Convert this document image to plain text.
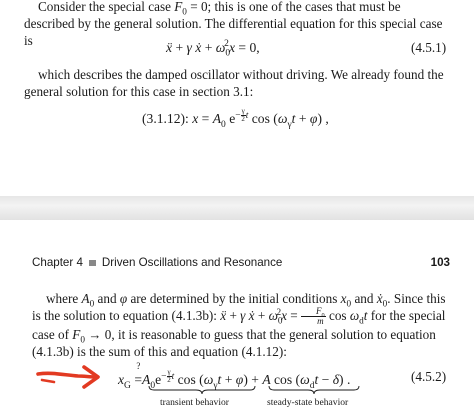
Consider the special case $F_0 = 0$; this is one of the cases that must be described by the general solution. The differential equation for this special case is	ẍ + γ ẋ + $\omega_0^2x = 0$,	(4.5.1)
which describes the damped oscillator without driving. We already found the general solution for this case in section 3.1:
(3.1.12): $x = A_0$ $e^{- \frac{\gamma}{2} t}$ $\cos (\omega_\gamma t + \varphi)$ ,
Chapter 4 Driven Oscillations and Resonance	103
where $A_0$ and φ are determined by the initial conditions $x_0$ and ẋ$_0$. Since this is the solution to equation (4.1.3b): ẍ + γ ẋ + $\omega_0^2x = \frac{F_0}{m}$ $\cos \omega_dt$ for the special case of $F_0 \to 0$, it is reasonable to guess that the general solution to equation (4.1.3b) is the sum of this and equation (4.1.12):
$x_G$ =
?
$A_0e^{- \frac{\gamma}{2} t}$ $\cos (\omega_\gamma t + \varphi) + A$ $\cos (\omega_dt - \delta)$ .	(4.5.2)
transient behavior	steady-state behavior
